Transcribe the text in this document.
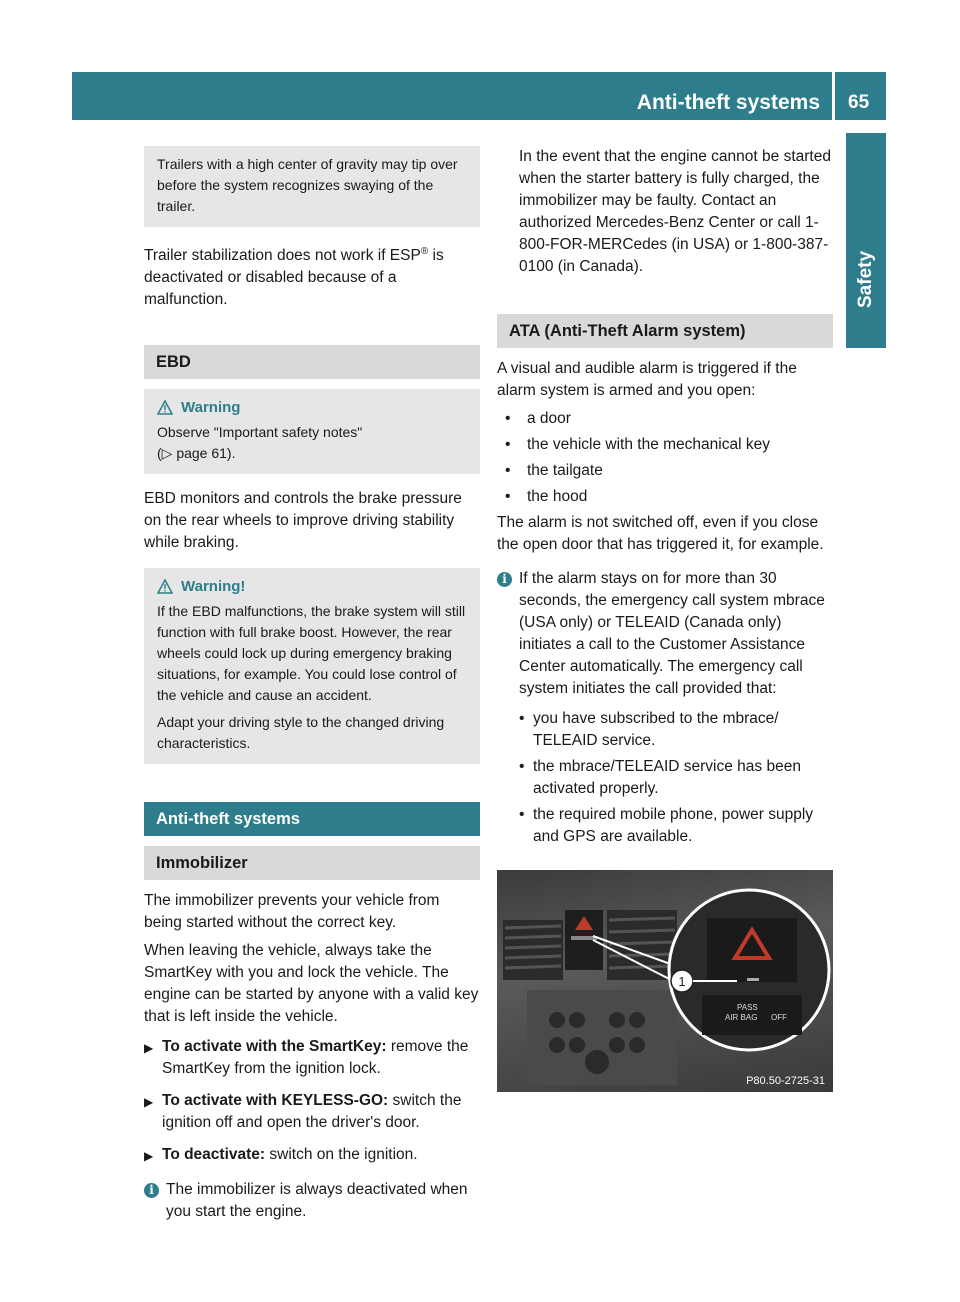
Anti-theft systems 65
Safety

Trailers with a high center of gravity may tip over before the system recognizes swaying of the trailer.

Trailer stabilization does not work if ESP® is deactivated or disabled because of a malfunction.

EBD
Warning

Observe "Important safety notes"

(▷ page 61).

EBD monitors and controls the brake pressure on the rear wheels to improve driving stability while braking.

Warning!

If the EBD malfunctions, the brake system will still function with full brake boost. However, the rear wheels could lock up during emergency braking situations, for example. You could lose control of the vehicle and cause an accident.

Adapt your driving style to the changed driving characteristics.

Anti-theft systems
Immobilizer

The immobilizer prevents your vehicle from being started without the correct key.

When leaving the vehicle, always take the SmartKey with you and lock the vehicle. The engine can be started by anyone with a valid key that is left inside the vehicle.

▶ To activate with the SmartKey: remove the SmartKey from the ignition lock.
▶ To activate with KEYLESS-GO: switch the ignition off and open the driver's door.
▶ To deactivate: switch on the ignition.
i The immobilizer is always deactivated when you start the engine.

In the event that the engine cannot be started when the starter battery is fully charged, the immobilizer may be faulty. Contact an authorized Mercedes-Benz Center or call 1-800-FOR-MERCedes (in USA) or 1-800-387-0100 (in Canada).

ATA (Anti-Theft Alarm system)

A visual and audible alarm is triggered if the alarm system is armed and you open:

•	a door
•	the vehicle with the mechanical key
•	the tailgate
•	the hood

The alarm is not switched off, even if you close the open door that has triggered it, for example.

i If the alarm stays on for more than 30 seconds, the emergency call system mbrace (USA only) or TELEAID (Canada only) initiates a call to the Customer Assistance Center automatically. The emergency call system initiates the call provided that:

• you have subscribed to the mbrace/ TELEAID service.
• the mbrace/TELEAID service has been activated properly.
• the required mobile phone, power supply and GPS are available.
PASS
AIR BAG OFF
1
P80.50-2725-31
